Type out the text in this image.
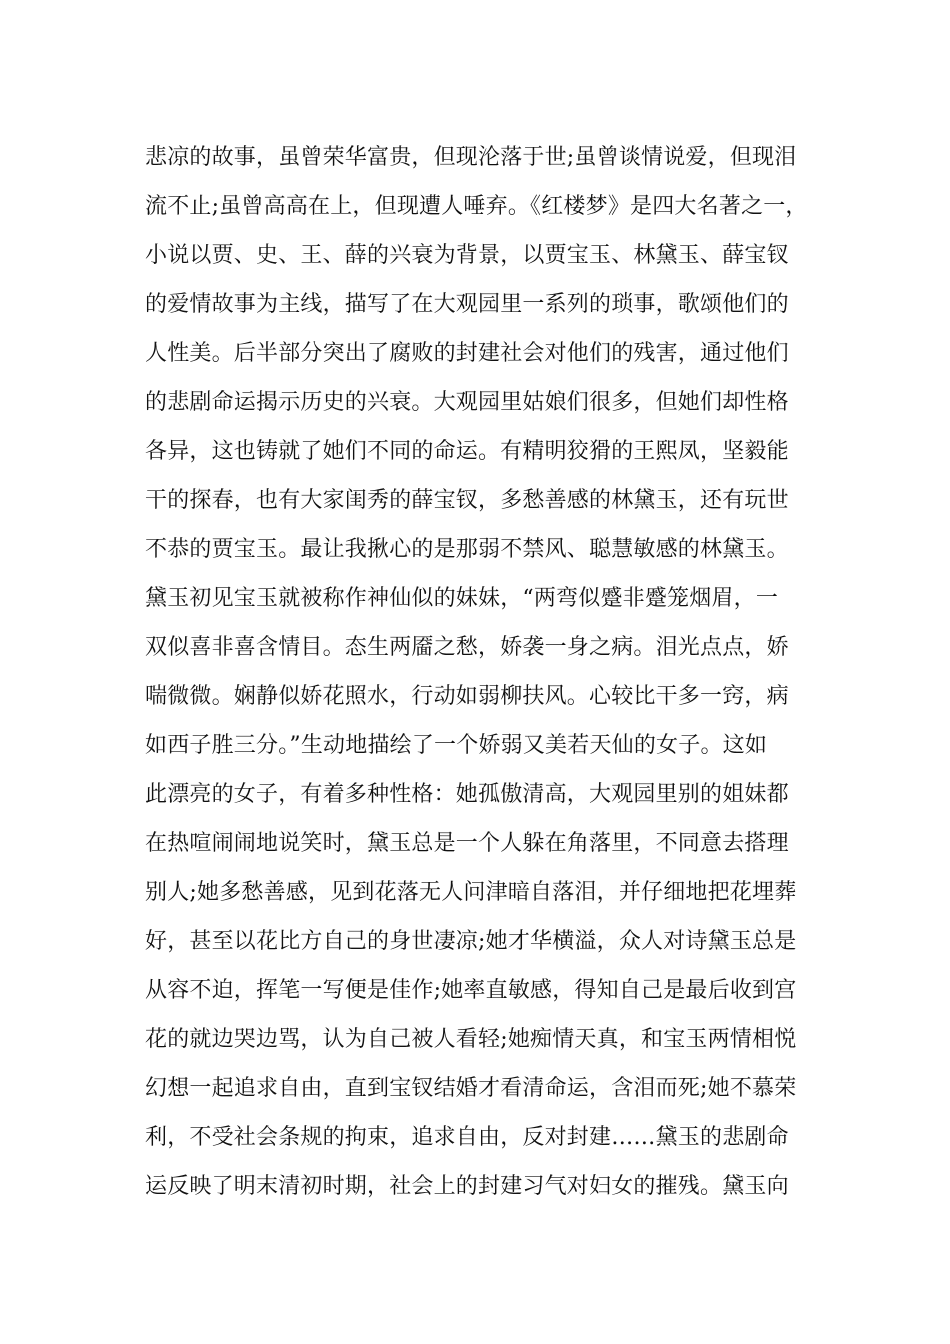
悲凉的故事，虽曾荣华富贵，但现沦落于世;虽曾谈情说爱，但现泪
流不止;虽曾高高在上，但现遭人唾弃。《红楼梦》是四大名著之一，
小说以贾、史、王、薛的兴衰为背景，以贾宝玉、林黛玉、薛宝钗
的爱情故事为主线，描写了在大观园里一系列的琐事，歌颂他们的
人性美。后半部分突出了腐败的封建社会对他们的残害，通过他们
的悲剧命运揭示历史的兴衰。大观园里姑娘们很多，但她们却性格
各异，这也铸就了她们不同的命运。有精明狡猾的王熙凤，坚毅能
干的探春，也有大家闺秀的薛宝钗，多愁善感的林黛玉，还有玩世
不恭的贾宝玉。最让我揪心的是那弱不禁风、聪慧敏感的林黛玉。
黛玉初见宝玉就被称作神仙似的妹妹，“两弯似蹙非蹙笼烟眉，一
双似喜非喜含情目。态生两靥之愁，娇袭一身之病。泪光点点，娇
喘微微。娴静似娇花照水，行动如弱柳扶风。心较比干多一窍，病
如西子胜三分。”生动地描绘了一个娇弱又美若天仙的女子。这如
此漂亮的女子，有着多种性格：她孤傲清高，大观园里别的姐妹都
在热喧闹闹地说笑时，黛玉总是一个人躲在角落里，不同意去搭理
别人;她多愁善感，见到花落无人问津暗自落泪，并仔细地把花埋葬
好，甚至以花比方自己的身世凄凉;她才华横溢，众人对诗黛玉总是
从容不迫，挥笔一写便是佳作;她率直敏感，得知自己是最后收到宫
花的就边哭边骂，认为自己被人看轻;她痴情天真，和宝玉两情相悦
幻想一起追求自由，直到宝钗结婚才看清命运，含泪而死;她不慕荣
利，不受社会条规的拘束，追求自由，反对封建……黛玉的悲剧命
运反映了明末清初时期，社会上的封建习气对妇女的摧残。黛玉向
